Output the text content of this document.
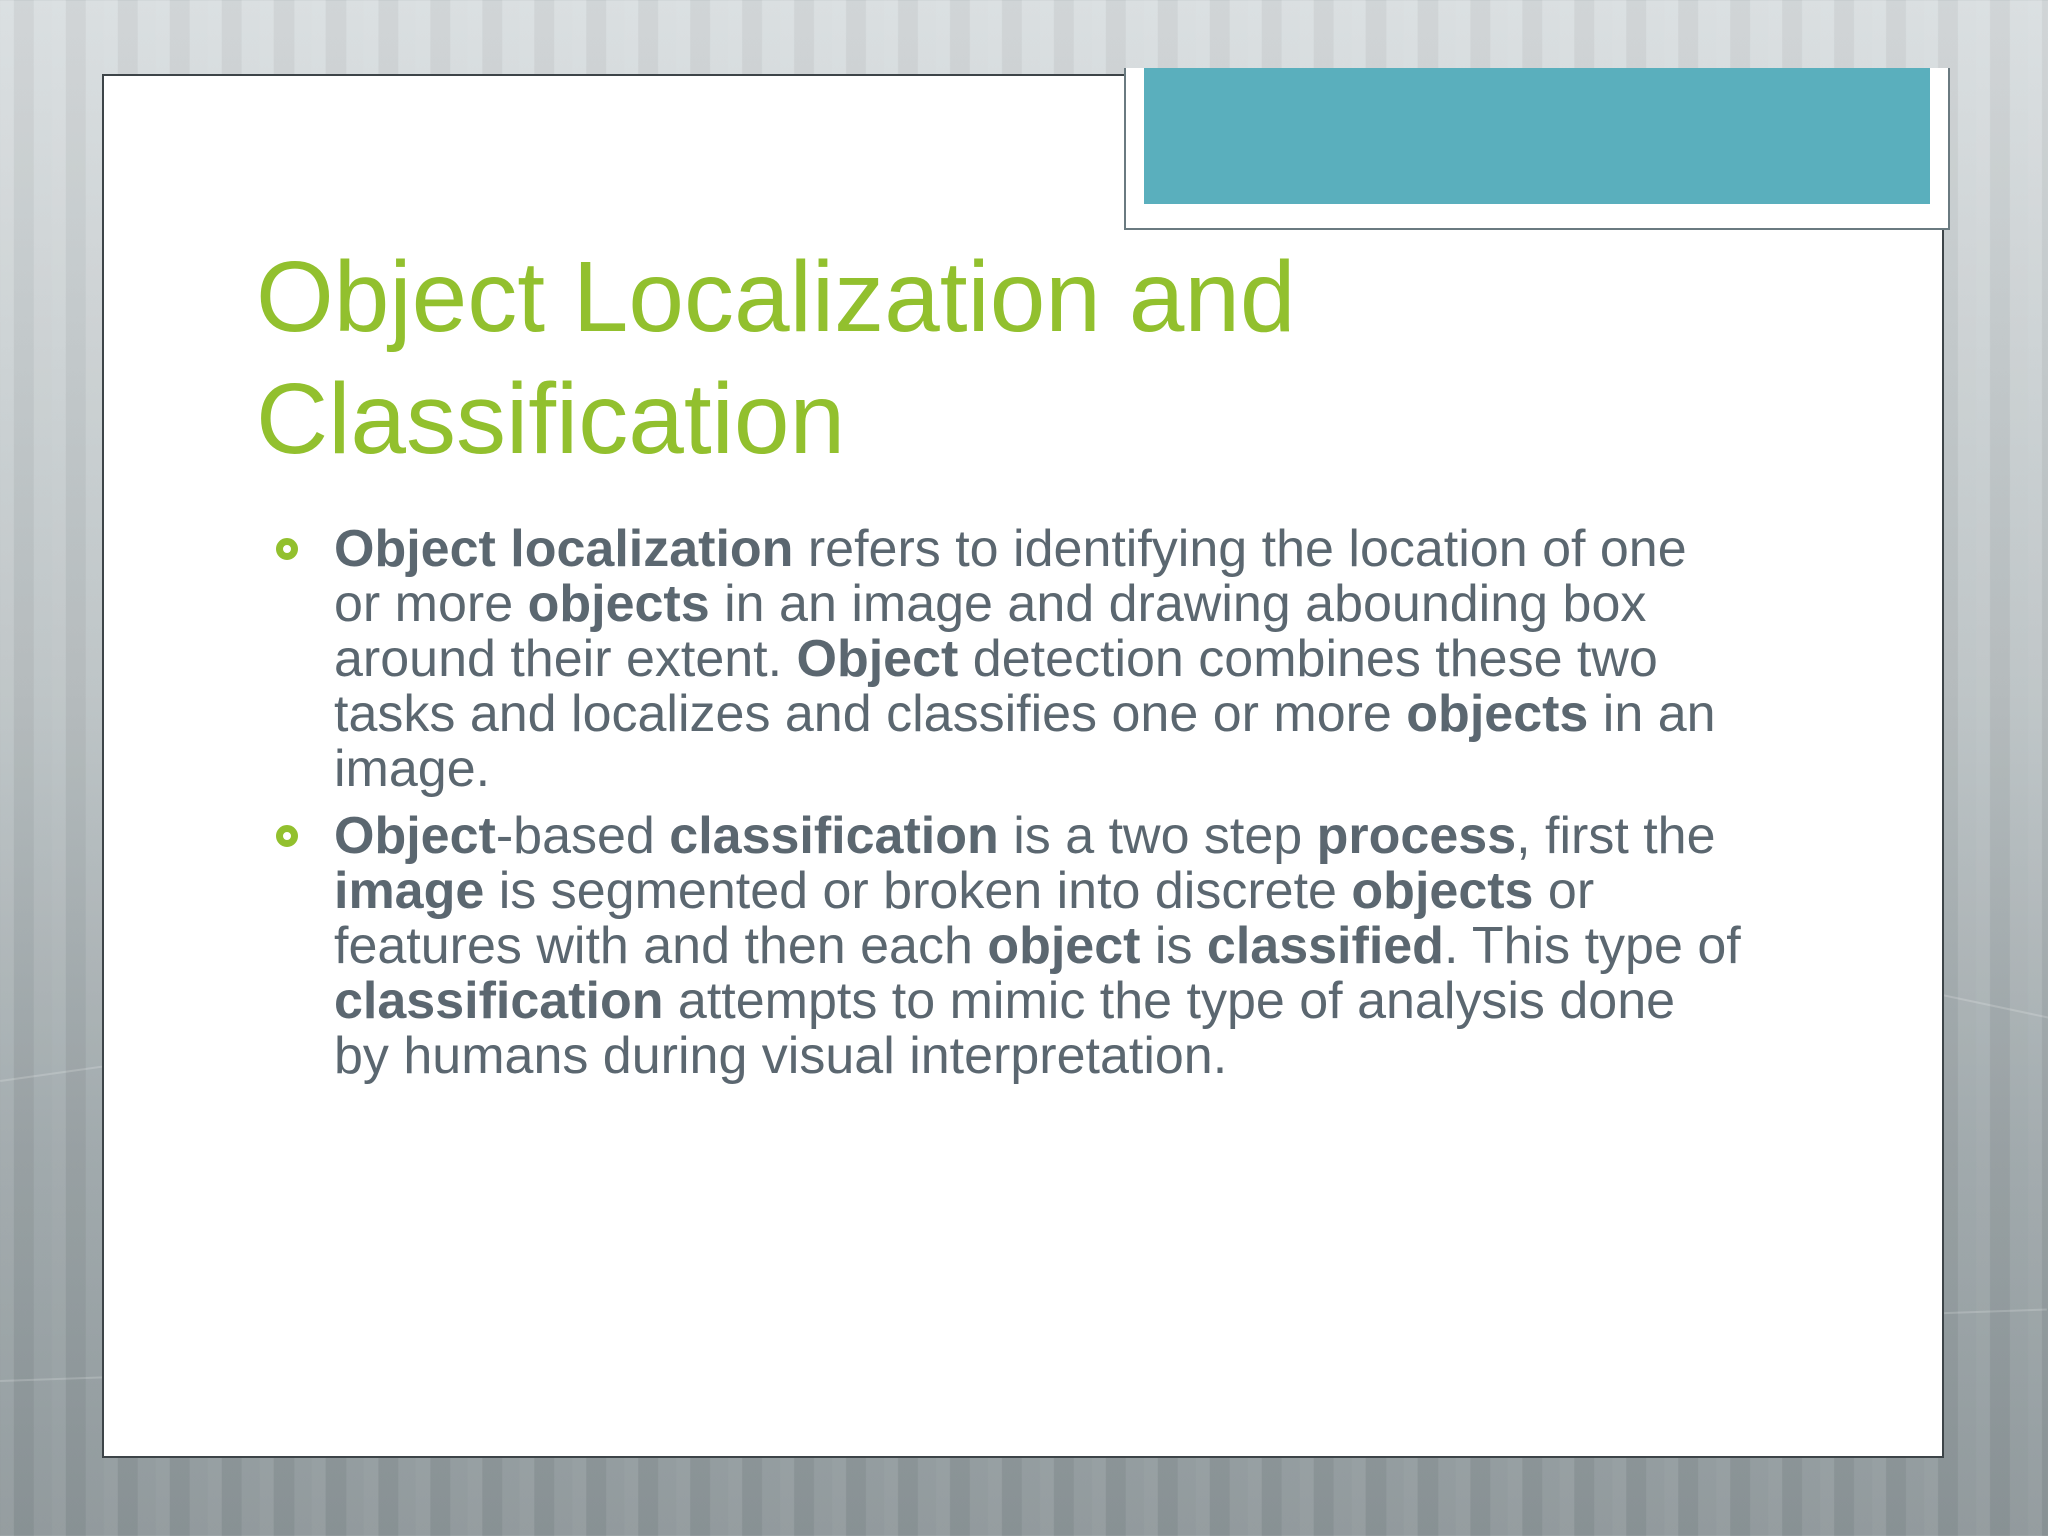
Object Localization and Classification
Object localization refers to identifying the location of one or more objects in an image and drawing abounding box around their extent. Object detection combines these two tasks and localizes and classifies one or more objects in an image.
Object-based classification is a two step process, first the image is segmented or broken into discrete objects or features with and then each object is classified. This type of classification attempts to mimic the type of analysis done by humans during visual interpretation.
